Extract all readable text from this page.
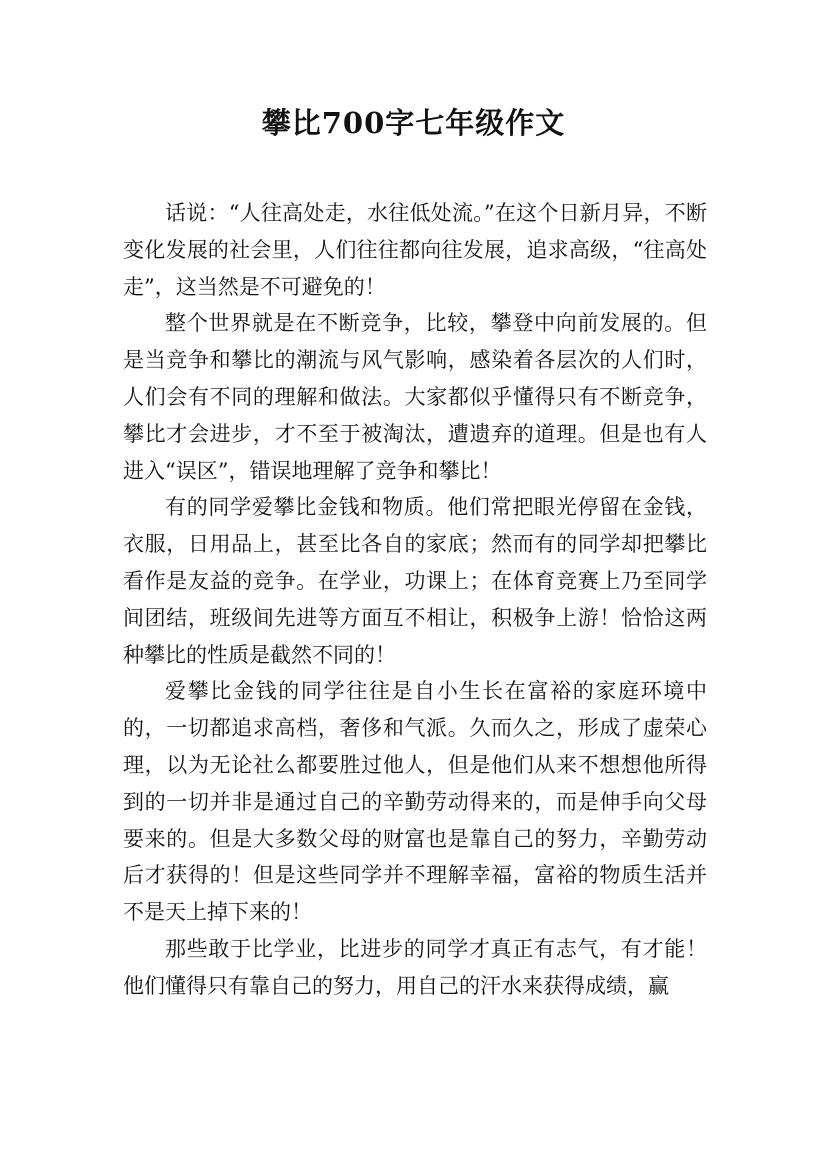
攀比700字七年级作文

话说：“人往高处走，水往低处流。”在这个日新月异，不断变化发展的社会里，人们往往都向往发展，追求高级，“往高处走”，这当然是不可避免的！

整个世界就是在不断竞争，比较，攀登中向前发展的。但是当竞争和攀比的潮流与风气影响，感染着各层次的人们时，人们会有不同的理解和做法。大家都似乎懂得只有不断竞争，攀比才会进步，才不至于被淘汰，遭遗弃的道理。但是也有人进入“误区”，错误地理解了竞争和攀比！

有的同学爱攀比金钱和物质。他们常把眼光停留在金钱，衣服，日用品上，甚至比各自的家底；然而有的同学却把攀比看作是友益的竞争。在学业，功课上；在体育竞赛上乃至同学间团结，班级间先进等方面互不相让，积极争上游！恰恰这两种攀比的性质是截然不同的！

爱攀比金钱的同学往往是自小生长在富裕的家庭环境中的，一切都追求高档，奢侈和气派。久而久之，形成了虚荣心理，以为无论社么都要胜过他人，但是他们从来不想想他所得到的一切并非是通过自己的辛勤劳动得来的，而是伸手向父母要来的。但是大多数父母的财富也是靠自己的努力，辛勤劳动后才获得的！但是这些同学并不理解幸福，富裕的物质生活并不是天上掉下来的！

那些敢于比学业，比进步的同学才真正有志气，有才能！他们懂得只有靠自己的努力，用自己的汗水来获得成绩，赢
